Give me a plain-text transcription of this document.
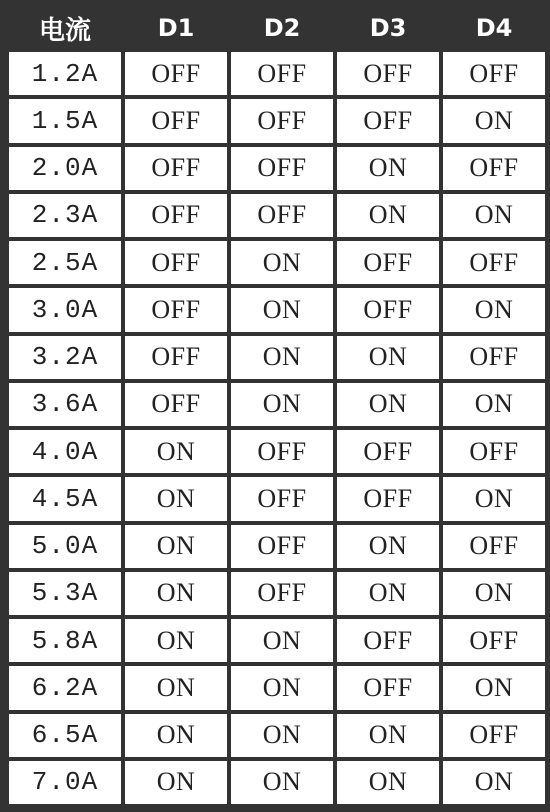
电流	D1	D2	D3	D4
1.2A	OFF	OFF	OFF	OFF
1.5A	OFF	OFF	OFF	ON
2.0A	OFF	OFF	ON	OFF
2.3A	OFF	OFF	ON	ON
2.5A	OFF	ON	OFF	OFF
3.0A	OFF	ON	OFF	ON
3.2A	OFF	ON	ON	OFF
3.6A	OFF	ON	ON	ON
4.0A	ON	OFF	OFF	OFF
4.5A	ON	OFF	OFF	ON
5.0A	ON	OFF	ON	OFF
5.3A	ON	OFF	ON	ON
5.8A	ON	ON	OFF	OFF
6.2A	ON	ON	OFF	ON
6.5A	ON	ON	ON	OFF
7.0A	ON	ON	ON	ON
